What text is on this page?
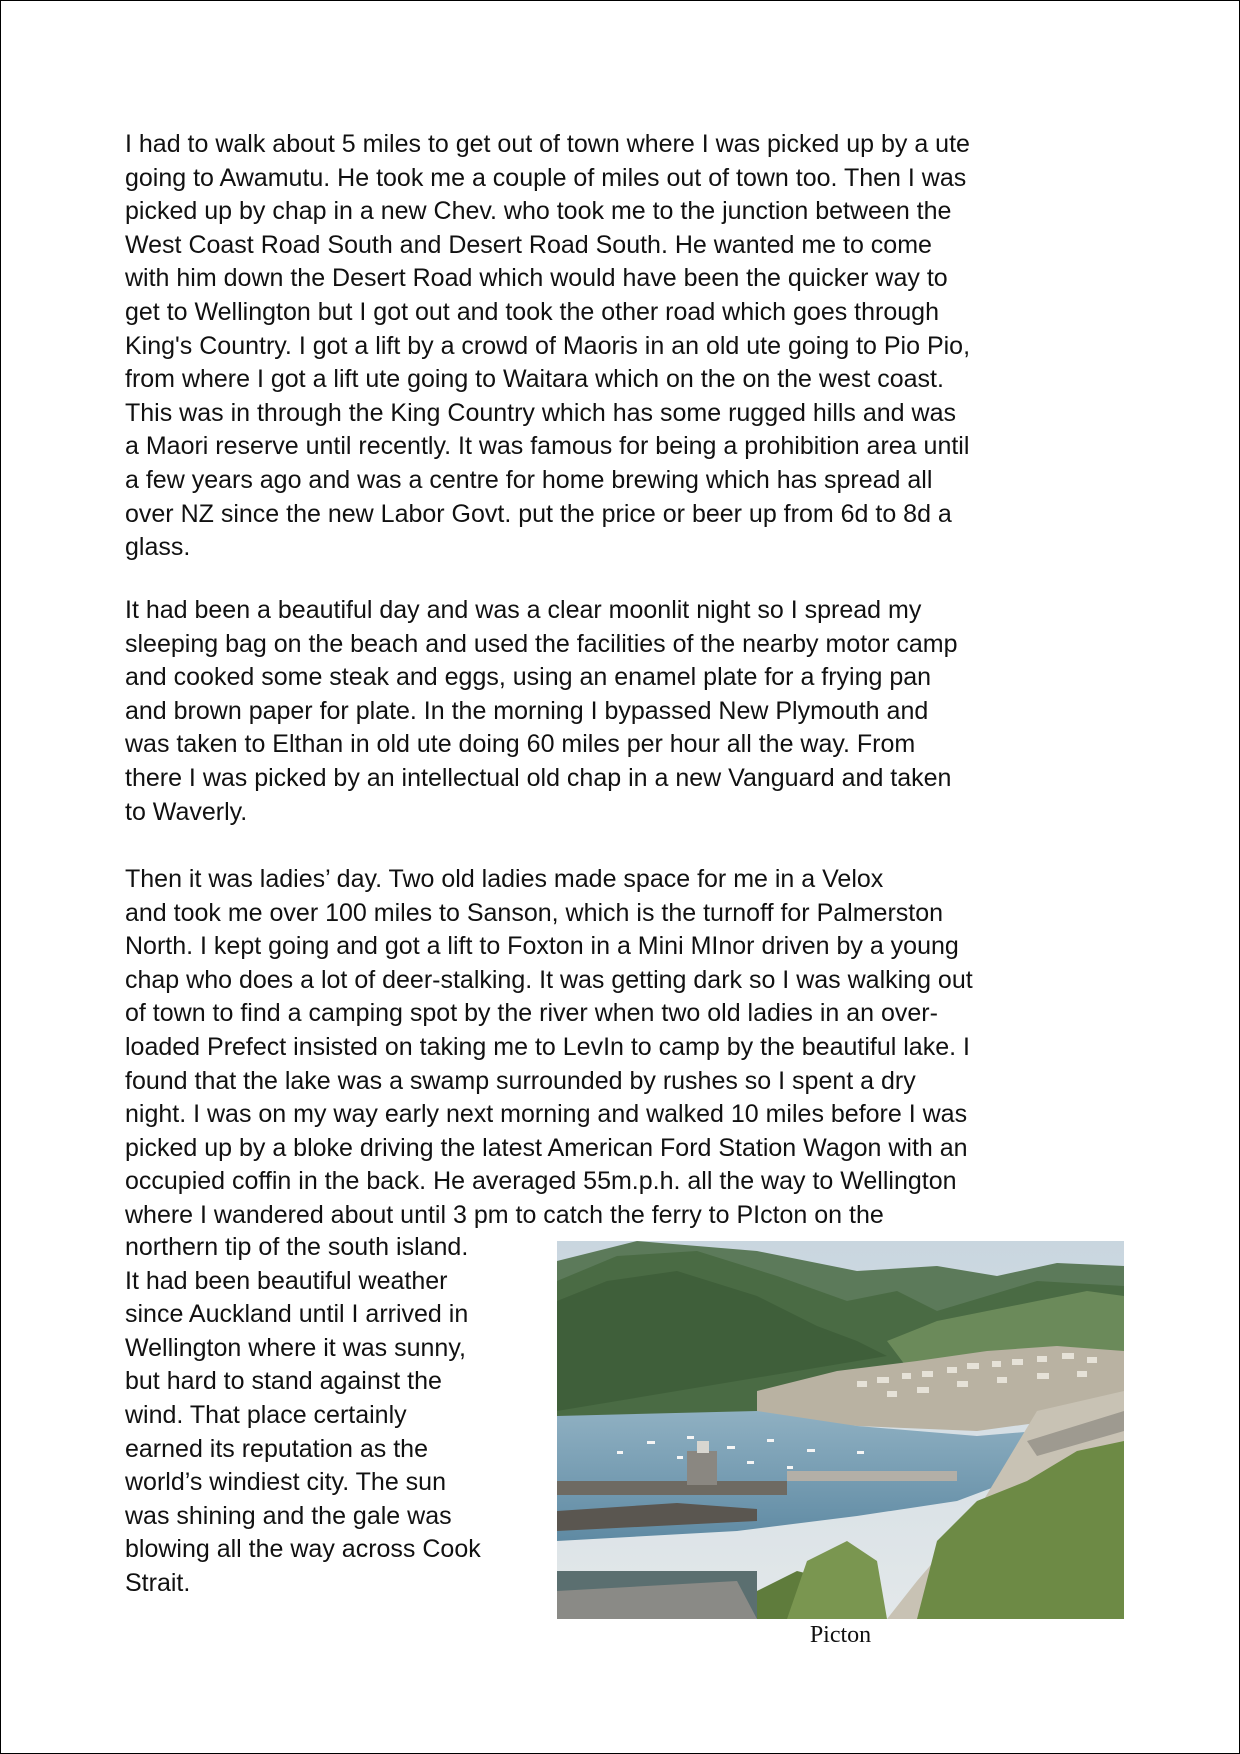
I had to walk about 5 miles to get out of town where I was picked up by a ute
going to Awamutu. He took me a couple of miles out of town too. Then I was
picked up by chap in a new Chev. who took me to the junction between the
West Coast Road South and Desert Road South. He wanted me to come
with him down the Desert Road which would have been the quicker way to
get to Wellington but I got out and took the other road which goes through
King's Country. I got a lift by a crowd of Maoris in an old ute going to Pio Pio,
from where I got a lift ute going to Waitara which on the on the west coast.
This was in through the King Country which has some rugged hills and was
a Maori reserve until recently. It was famous for being a prohibition area until
a few years ago and was a centre for home brewing which has spread all
over NZ since the new Labor Govt. put the price or beer up from 6d to 8d a
glass.
It had been a beautiful day and was a clear moonlit night so I spread my
sleeping bag on the beach and used the facilities of the nearby motor camp
and cooked some steak and eggs, using an enamel plate for a frying pan
and brown paper for plate. In the morning I bypassed New Plymouth and
was taken to Elthan in old ute doing 60 miles per hour all the way. From
there I was picked by an intellectual old chap in a new Vanguard and taken
to Waverly.
Then it was ladies’ day. Two old ladies made space for me in a Velox
and took me over 100 miles to Sanson, which is the turnoff for Palmerston
North. I kept going and got a lift to Foxton in a Mini MInor driven by a young
chap who does a lot of deer-stalking. It was getting dark so I was walking out
of town to find a camping spot by the river when two old ladies in an over-
loaded Prefect insisted on taking me to LevIn to camp by the beautiful lake. I
found that the lake was a swamp surrounded by rushes so I spent a dry
night. I was on my way early next morning and walked 10 miles before I was
picked up by a bloke driving the latest American Ford Station Wagon with an
occupied coffin in the back. He averaged 55m.p.h. all the way to Wellington
where I wandered about until 3 pm to catch the ferry to PIcton on the
northern tip of the south island.
It had been beautiful weather
since Auckland until I arrived in
Wellington where it was sunny,
but hard to stand against the
wind. That place certainly
earned its reputation as the
world’s windiest city. The sun
was shining and the gale was
blowing all the way across Cook
Strait.
Picton
